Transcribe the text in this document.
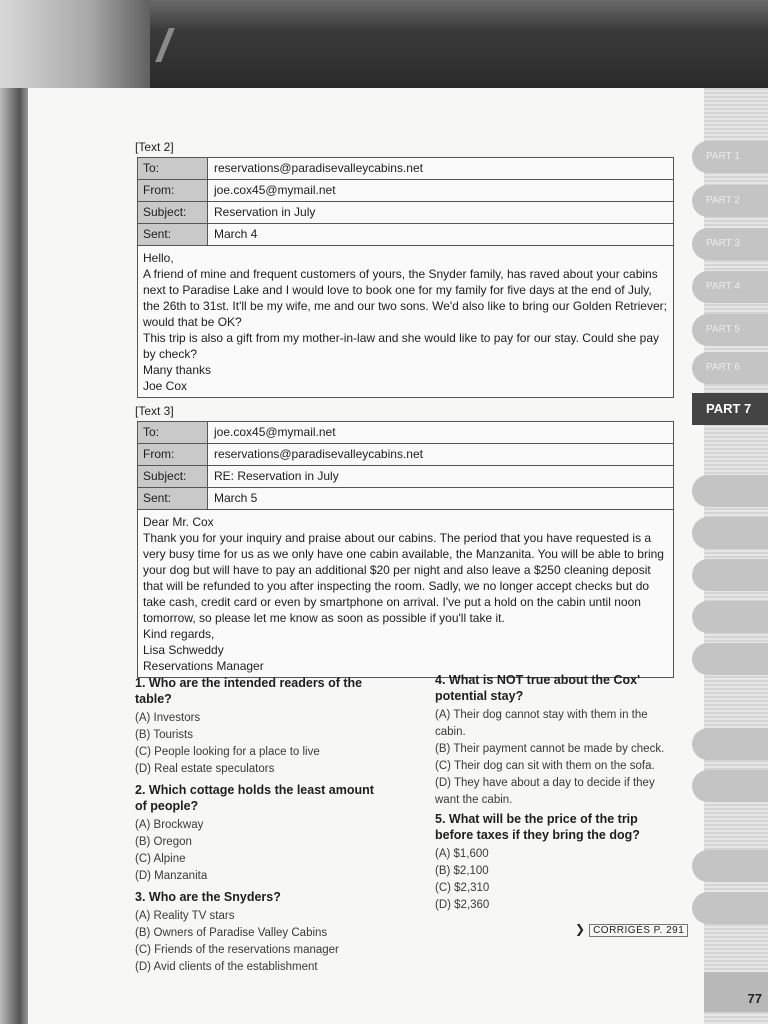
PART 1
PART 2
PART 3
PART 4
PART 5
PART 6
PART 7
77
[Text 2]
To:	reservations@paradisevalleycabins.net
From:	joe.cox45@mymail.net
Subject:	Reservation in July
Sent:	March 4

Hello,

A friend of mine and frequent customers of yours, the Snyder family, has raved about your cabins next to Paradise Lake and I would love to book one for my family for five days at the end of July, the 26th to 31st. It'll be my wife, me and our two sons. We'd also like to bring our Golden Retriever; would that be OK?

This trip is also a gift from my mother-in-law and she would like to pay for our stay. Could she pay by check?

Many thanks

Joe Cox

[Text 3]
To:	joe.cox45@mymail.net
From:	reservations@paradisevalleycabins.net
Subject:	RE: Reservation in July
Sent:	March 5

Dear Mr. Cox

Thank you for your inquiry and praise about our cabins. The period that you have requested is a very busy time for us as we only have one cabin available, the Manzanita. You will be able to bring your dog but will have to pay an additional $20 per night and also leave a $250 cleaning deposit that will be refunded to you after inspecting the room. Sadly, we no longer accept checks but do take cash, credit card or even by smartphone on arrival. I've put a hold on the cabin until noon tomorrow, so please let me know as soon as possible if you'll take it.

Kind regards,

Lisa Schweddy

Reservations Manager

1. Who are the intended readers of the table?

(A) Investors
(B) Tourists
(C) People looking for a place to live
(D) Real estate speculators

2. Which cottage holds the least amount of people?

(A) Brockway
(B) Oregon
(C) Alpine
(D) Manzanita

3. Who are the Snyders?

(A) Reality TV stars
(B) Owners of Paradise Valley Cabins
(C) Friends of the reservations manager
(D) Avid clients of the establishment

4. What is NOT true about the Cox' potential stay?

(A) Their dog cannot stay with them in the cabin.
(B) Their payment cannot be made by check.
(C) Their dog can sit with them on the sofa.
(D) They have about a day to decide if they want the cabin.

5. What will be the price of the trip before taxes if they bring the dog?

(A) $1,600
(B) $2,100
(C) $2,310
(D) $2,360
❯ CORRIGÉS P. 291
